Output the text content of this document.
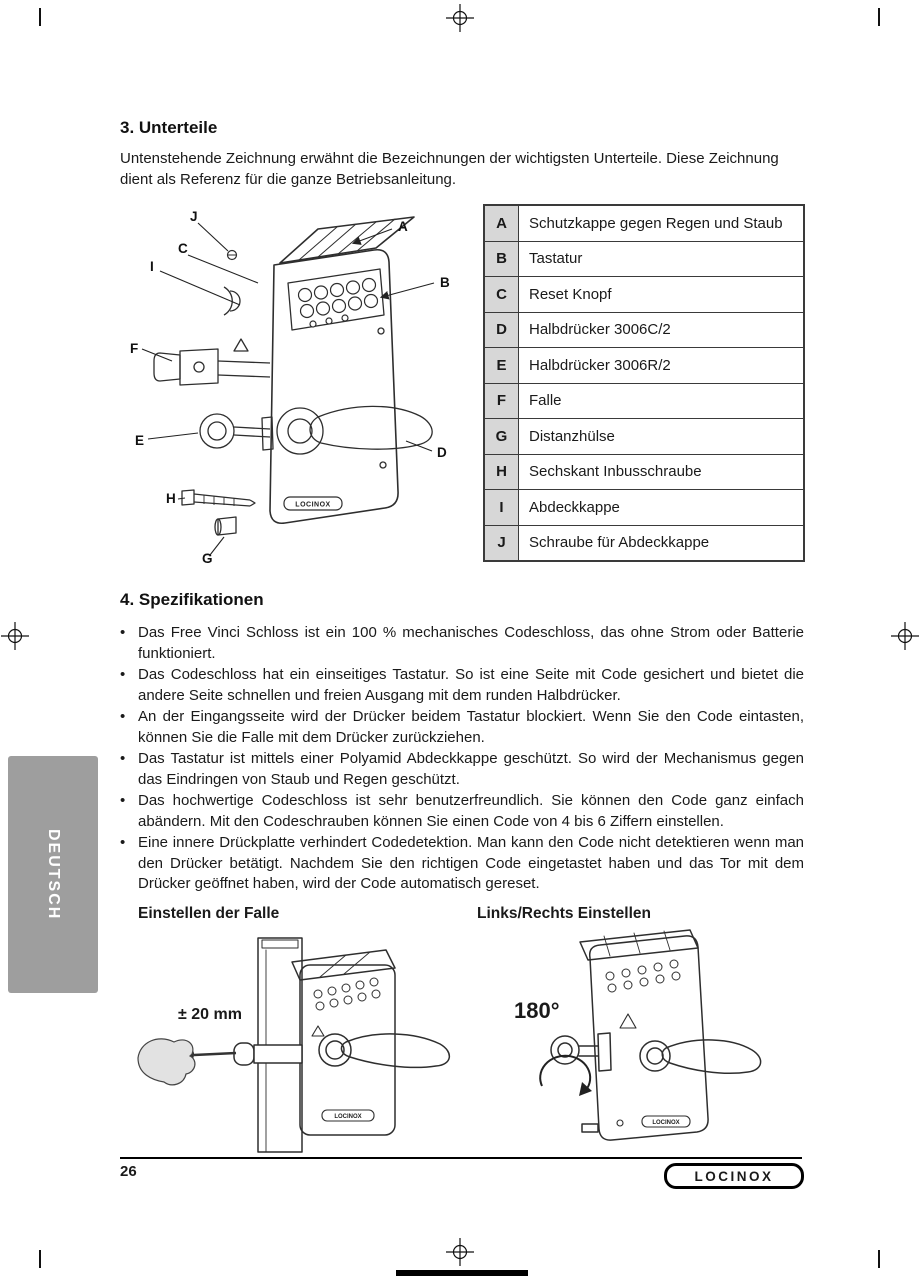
3. Unterteile

Untenstehende Zeichnung erwähnt die Bezeichnungen der wichtigsten Unterteile. Diese Zeichnung dient als Referenz für die ganze Betriebsanleitung.

LOCINOX
J
C
I
A
B
F
E
D
H
G
A	Schutzkappe gegen Regen und Staub
B	Tastatur
C	Reset Knopf
D	Halbdrücker 3006C/2
E	Halbdrücker 3006R/2
F	Falle
G	Distanzhülse
H	Sechskant Inbusschraube
I	Abdeckkappe
J	Schraube für Abdeckkappe
4. Spezifikationen
•

Das Free Vinci Schloss ist ein 100 % mechanisches Codeschloss, das ohne Strom oder Batterie funktioniert.

•

Das Codeschloss hat ein einseitiges Tastatur. So ist eine Seite mit Code gesichert und bietet die andere Seite schnellen und freien Ausgang mit dem runden Halbdrücker.

•

An der Eingangsseite wird der Drücker beidem Tastatur blockiert. Wenn Sie den Code eintasten, können Sie die Falle mit dem Drücker zurückziehen.

•

Das Tastatur ist mittels einer Polyamid Abdeckkappe geschützt. So wird der Mechanismus gegen das Eindringen von Staub und Regen geschützt.

•

Das hochwertige Codeschloss ist sehr benutzerfreundlich. Sie können den Code ganz einfach abändern. Mit den Codeschrauben können Sie einen Code von 4 bis 6 Ziffern einstellen.

•

Eine innere Drückplatte verhindert Codedetektion. Man kann den Code nicht detektieren wenn man den Drücker betätigt. Nachdem Sie den richtigen Code eingetastet haben und das Tor mit dem Drücker geöffnet haben, wird der Code automatisch gereset.

DEUTSCH	Einstellen der Falle	Links/Rechts Einstellen
LOCINOX
± 20 mm
LOCINOX
180°
26	LOCINOX
